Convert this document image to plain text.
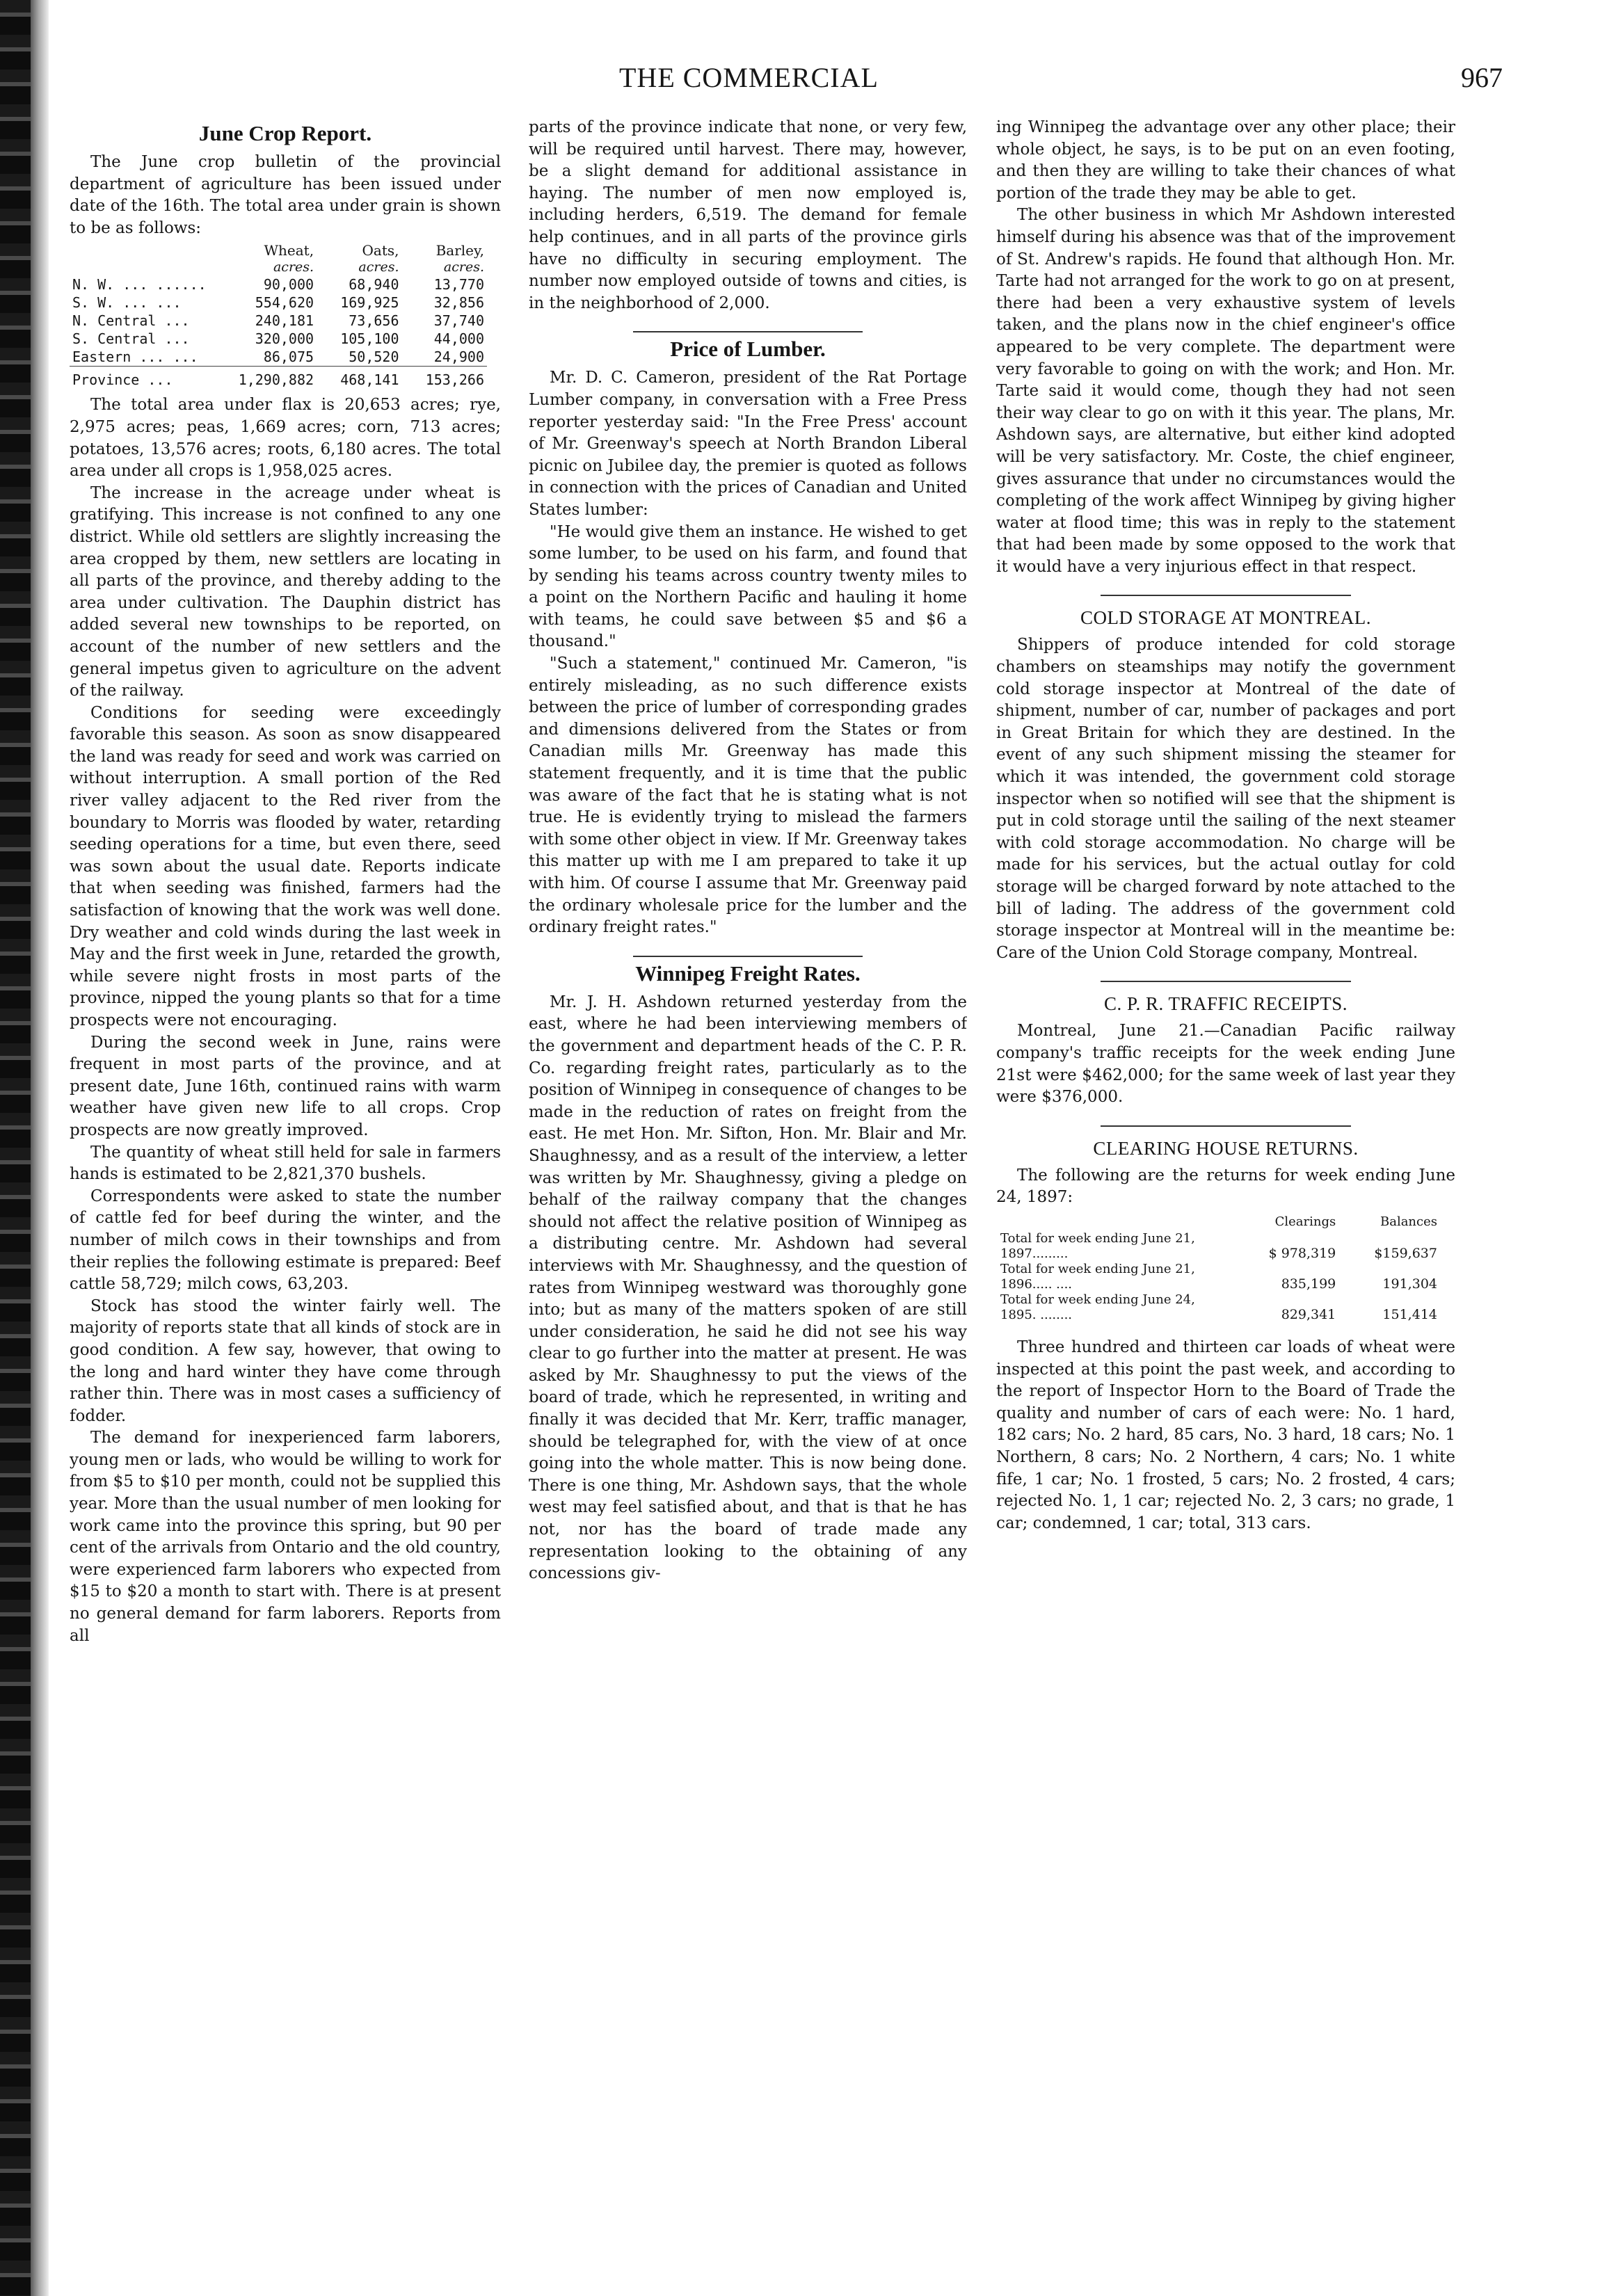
THE COMMERCIAL	967
June Crop Report.

The June crop bulletin of the provincial department of agriculture has been issued under date of the 16th. The total area under grain is shown to be as follows:

	Wheat,	Oats,	Barley,
	acres.	acres.	acres.
N. W. ... ......	90,000	68,940	13,770
S. W. ... ...	554,620	169,925	32,856
N. Central ...	240,181	73,656	37,740
S. Central ...	320,000	105,100	44,000
Eastern ... ...	86,075	50,520	24,900
Province ...	1,290,882	468,141	153,266

The total area under flax is 20,653 acres; rye, 2,975 acres; peas, 1,669 acres; corn, 713 acres; potatoes, 13,576 acres; roots, 6,180 acres. The total area under all crops is 1,958,025 acres.

The increase in the acreage under wheat is gratifying. This increase is not confined to any one district. While old settlers are slightly increasing the area cropped by them, new settlers are locating in all parts of the province, and thereby adding to the area under cultivation. The Dauphin district has added several new townships to be reported, on account of the number of new settlers and the general impetus given to agriculture on the advent of the railway.

Conditions for seeding were exceedingly favorable this season. As soon as snow disappeared the land was ready for seed and work was carried on without interruption. A small portion of the Red river valley adjacent to the Red river from the boundary to Morris was flooded by water, retarding seeding operations for a time, but even there, seed was sown about the usual date. Reports indicate that when seeding was finished, farmers had the satisfaction of knowing that the work was well done. Dry weather and cold winds during the last week in May and the first week in June, retarded the growth, while severe night frosts in most parts of the province, nipped the young plants so that for a time prospects were not encouraging.

During the second week in June, rains were frequent in most parts of the province, and at present date, June 16th, continued rains with warm weather have given new life to all crops. Crop prospects are now greatly improved.

The quantity of wheat still held for sale in farmers hands is estimated to be 2,821,370 bushels.

Correspondents were asked to state the number of cattle fed for beef during the winter, and the number of milch cows in their townships and from their replies the following estimate is prepared: Beef cattle 58,729; milch cows, 63,203.

Stock has stood the winter fairly well. The majority of reports state that all kinds of stock are in good condition. A few say, however, that owing to the long and hard winter they have come through rather thin. There was in most cases a sufficiency of fodder.

The demand for inexperienced farm laborers, young men or lads, who would be willing to work for from $5 to $10 per month, could not be supplied this year. More than the usual number of men looking for work came into the province this spring, but 90 per cent of the arrivals from Ontario and the old country, were experienced farm laborers who expected from $15 to $20 a month to start with. There is at present no general demand for farm laborers. Reports from all

parts of the province indicate that none, or very few, will be required until harvest. There may, however, be a slight demand for additional assistance in haying. The number of men now employed is, including herders, 6,519. The demand for female help continues, and in all parts of the province girls have no difficulty in securing employment. The number now employed outside of towns and cities, is in the neighborhood of 2,000.

Price of Lumber.

Mr. D. C. Cameron, president of the Rat Portage Lumber company, in conversation with a Free Press reporter yesterday said: "In the Free Press' account of Mr. Greenway's speech at North Brandon Liberal picnic on Jubilee day, the premier is quoted as follows in connection with the prices of Canadian and United States lumber:

"He would give them an instance. He wished to get some lumber, to be used on his farm, and found that by sending his teams across country twenty miles to a point on the Northern Pacific and hauling it home with teams, he could save between $5 and $6 a thousand."

"Such a statement," continued Mr. Cameron, "is entirely misleading, as no such difference exists between the price of lumber of corresponding grades and dimensions delivered from the States or from Canadian mills Mr. Greenway has made this statement frequently, and it is time that the public was aware of the fact that he is stating what is not true. He is evidently trying to mislead the farmers with some other object in view. If Mr. Greenway takes this matter up with me I am prepared to take it up with him. Of course I assume that Mr. Greenway paid the ordinary wholesale price for the lumber and the ordinary freight rates."

Winnipeg Freight Rates.

Mr. J. H. Ashdown returned yesterday from the east, where he had been interviewing members of the government and department heads of the C. P. R. Co. regarding freight rates, particularly as to the position of Winnipeg in consequence of changes to be made in the reduction of rates on freight from the east. He met Hon. Mr. Sifton, Hon. Mr. Blair and Mr. Shaughnessy, and as a result of the interview, a letter was written by Mr. Shaughnessy, giving a pledge on behalf of the railway company that the changes should not affect the relative position of Winnipeg as a distributing centre. Mr. Ashdown had several interviews with Mr. Shaughnessy, and the question of rates from Winnipeg westward was thoroughly gone into; but as many of the matters spoken of are still under consideration, he said he did not see his way clear to go further into the matter at present. He was asked by Mr. Shaughnessy to put the views of the board of trade, which he represented, in writing and finally it was decided that Mr. Kerr, traffic manager, should be telegraphed for, with the view of at once going into the whole matter. This is now being done. There is one thing, Mr. Ashdown says, that the whole west may feel satisfied about, and that is that he has not, nor has the board of trade made any representation looking to the obtaining of any concessions giv-

ing Winnipeg the advantage over any other place; their whole object, he says, is to be put on an even footing, and then they are willing to take their chances of what portion of the trade they may be able to get.

The other business in which Mr Ashdown interested himself during his absence was that of the improvement of St. Andrew's rapids. He found that although Hon. Mr. Tarte had not arranged for the work to go on at present, there had been a very exhaustive system of levels taken, and the plans now in the chief engineer's office appeared to be very complete. The department were very favorable to going on with the work; and Hon. Mr. Tarte said it would come, though they had not seen their way clear to go on with it this year. The plans, Mr. Ashdown says, are alternative, but either kind adopted will be very satisfactory. Mr. Coste, the chief engineer, gives assurance that under no circumstances would the completing of the work affect Winnipeg by giving higher water at flood time; this was in reply to the statement that had been made by some opposed to the work that it would have a very injurious effect in that respect.

COLD STORAGE AT MONTREAL.

Shippers of produce intended for cold storage chambers on steamships may notify the government cold storage inspector at Montreal of the date of shipment, number of car, number of packages and port in Great Britain for which they are destined. In the event of any such shipment missing the steamer for which it was intended, the government cold storage inspector when so notified will see that the shipment is put in cold storage until the sailing of the next steamer with cold storage accommodation. No charge will be made for his services, but the actual outlay for cold storage will be charged forward by note attached to the bill of lading. The address of the government cold storage inspector at Montreal will in the meantime be: Care of the Union Cold Storage company, Montreal.

C. P. R. TRAFFIC RECEIPTS.

Montreal, June 21.—Canadian Pacific railway company's traffic receipts for the week ending June 21st were $462,000; for the same week of last year they were $376,000.

CLEARING HOUSE RETURNS.

The following are the returns for week ending June 24, 1897:

	Clearings	Balances
Total for week ending June 21, 1897.........	$ 978,319	$159,637
Total for week ending June 21, 1896..... ....	835,199	191,304
Total for week ending June 24, 1895. ........	829,341	151,414

Three hundred and thirteen car loads of wheat were inspected at this point the past week, and according to the report of Inspector Horn to the Board of Trade the quality and number of cars of each were: No. 1 hard, 182 cars; No. 2 hard, 85 cars, No. 3 hard, 18 cars; No. 1 Northern, 8 cars; No. 2 Northern, 4 cars; No. 1 white fife, 1 car; No. 1 frosted, 5 cars; No. 2 frosted, 4 cars; rejected No. 1, 1 car; rejected No. 2, 3 cars; no grade, 1 car; condemned, 1 car; total, 313 cars.
